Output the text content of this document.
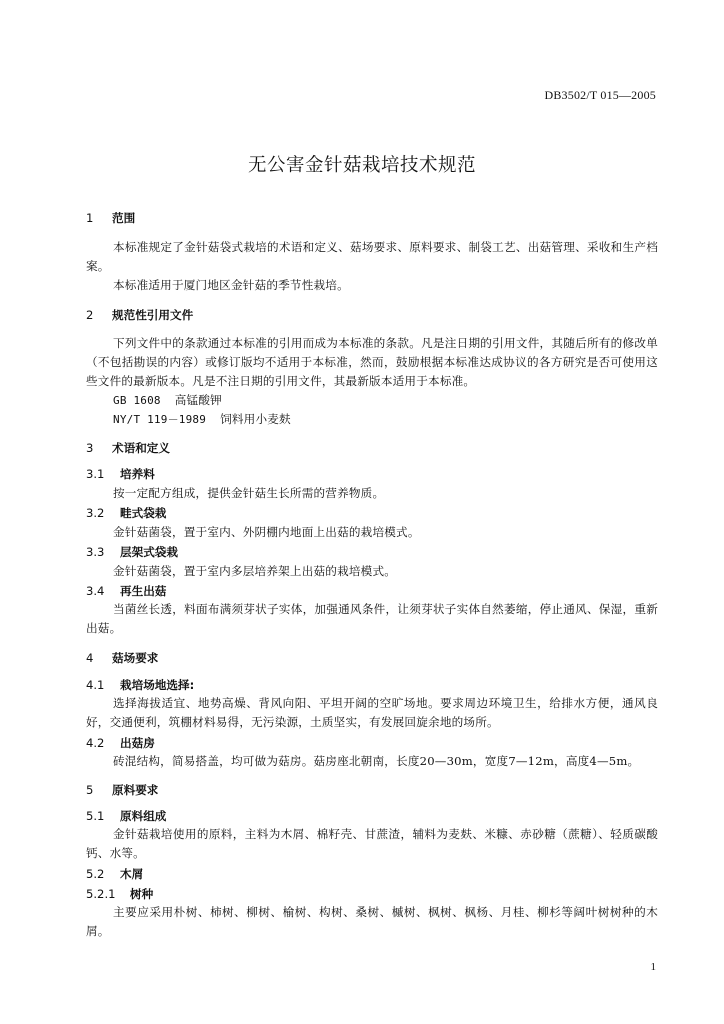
DB3502/T 015—2005
无公害金针菇栽培技术规范
1 范围
本标准规定了金针菇袋式栽培的术语和定义、菇场要求、原料要求、制袋工艺、出菇管理、采收和生产档案。
本标准适用于厦门地区金针菇的季节性栽培。
2 规范性引用文件
下列文件中的条款通过本标准的引用而成为本标准的条款。凡是注日期的引用文件，其随后所有的修改单（不包括勘误的内容）或修订版均不适用于本标准，然而，鼓励根据本标准达成协议的各方研究是否可使用这些文件的最新版本。凡是不注日期的引用文件，其最新版本适用于本标准。
GB 1608 高锰酸钾
NY/T 119－1989 饲料用小麦麸
3 术语和定义
3.1 培养料
按一定配方组成，提供金针菇生长所需的营养物质。
3.2 畦式袋栽
金针菇菌袋，置于室内、外阴棚内地面上出菇的栽培模式。
3.3 层架式袋栽
金针菇菌袋，置于室内多层培养架上出菇的栽培模式。
3.4 再生出菇
当菌丝长透，料面布满须芽状子实体，加强通风条件，让须芽状子实体自然萎缩，停止通风、保湿，重新出菇。
4 菇场要求
4.1 栽培场地选择:
选择海拔适宜、地势高燥、背风向阳、平坦开阔的空旷场地。要求周边环境卫生，给排水方便，通风良好，交通便利，筑棚材料易得，无污染源，土质坚实，有发展回旋余地的场所。
4.2 出菇房
砖混结构，简易搭盖，均可做为菇房。菇房座北朝南，长度20—30m，宽度7—12m，高度4—5m。
5 原料要求
5.1 原料组成
金针菇栽培使用的原料，主料为木屑、棉籽壳、甘蔗渣，辅料为麦麸、米糠、赤砂糖（蔗糖）、轻质碳酸钙、水等。
5.2 木屑
5.2.1 树种
主要应采用朴树、柿树、柳树、榆树、构树、桑树、槭树、枫树、枫杨、月桂、柳杉等阔叶树树种的木屑。
1
